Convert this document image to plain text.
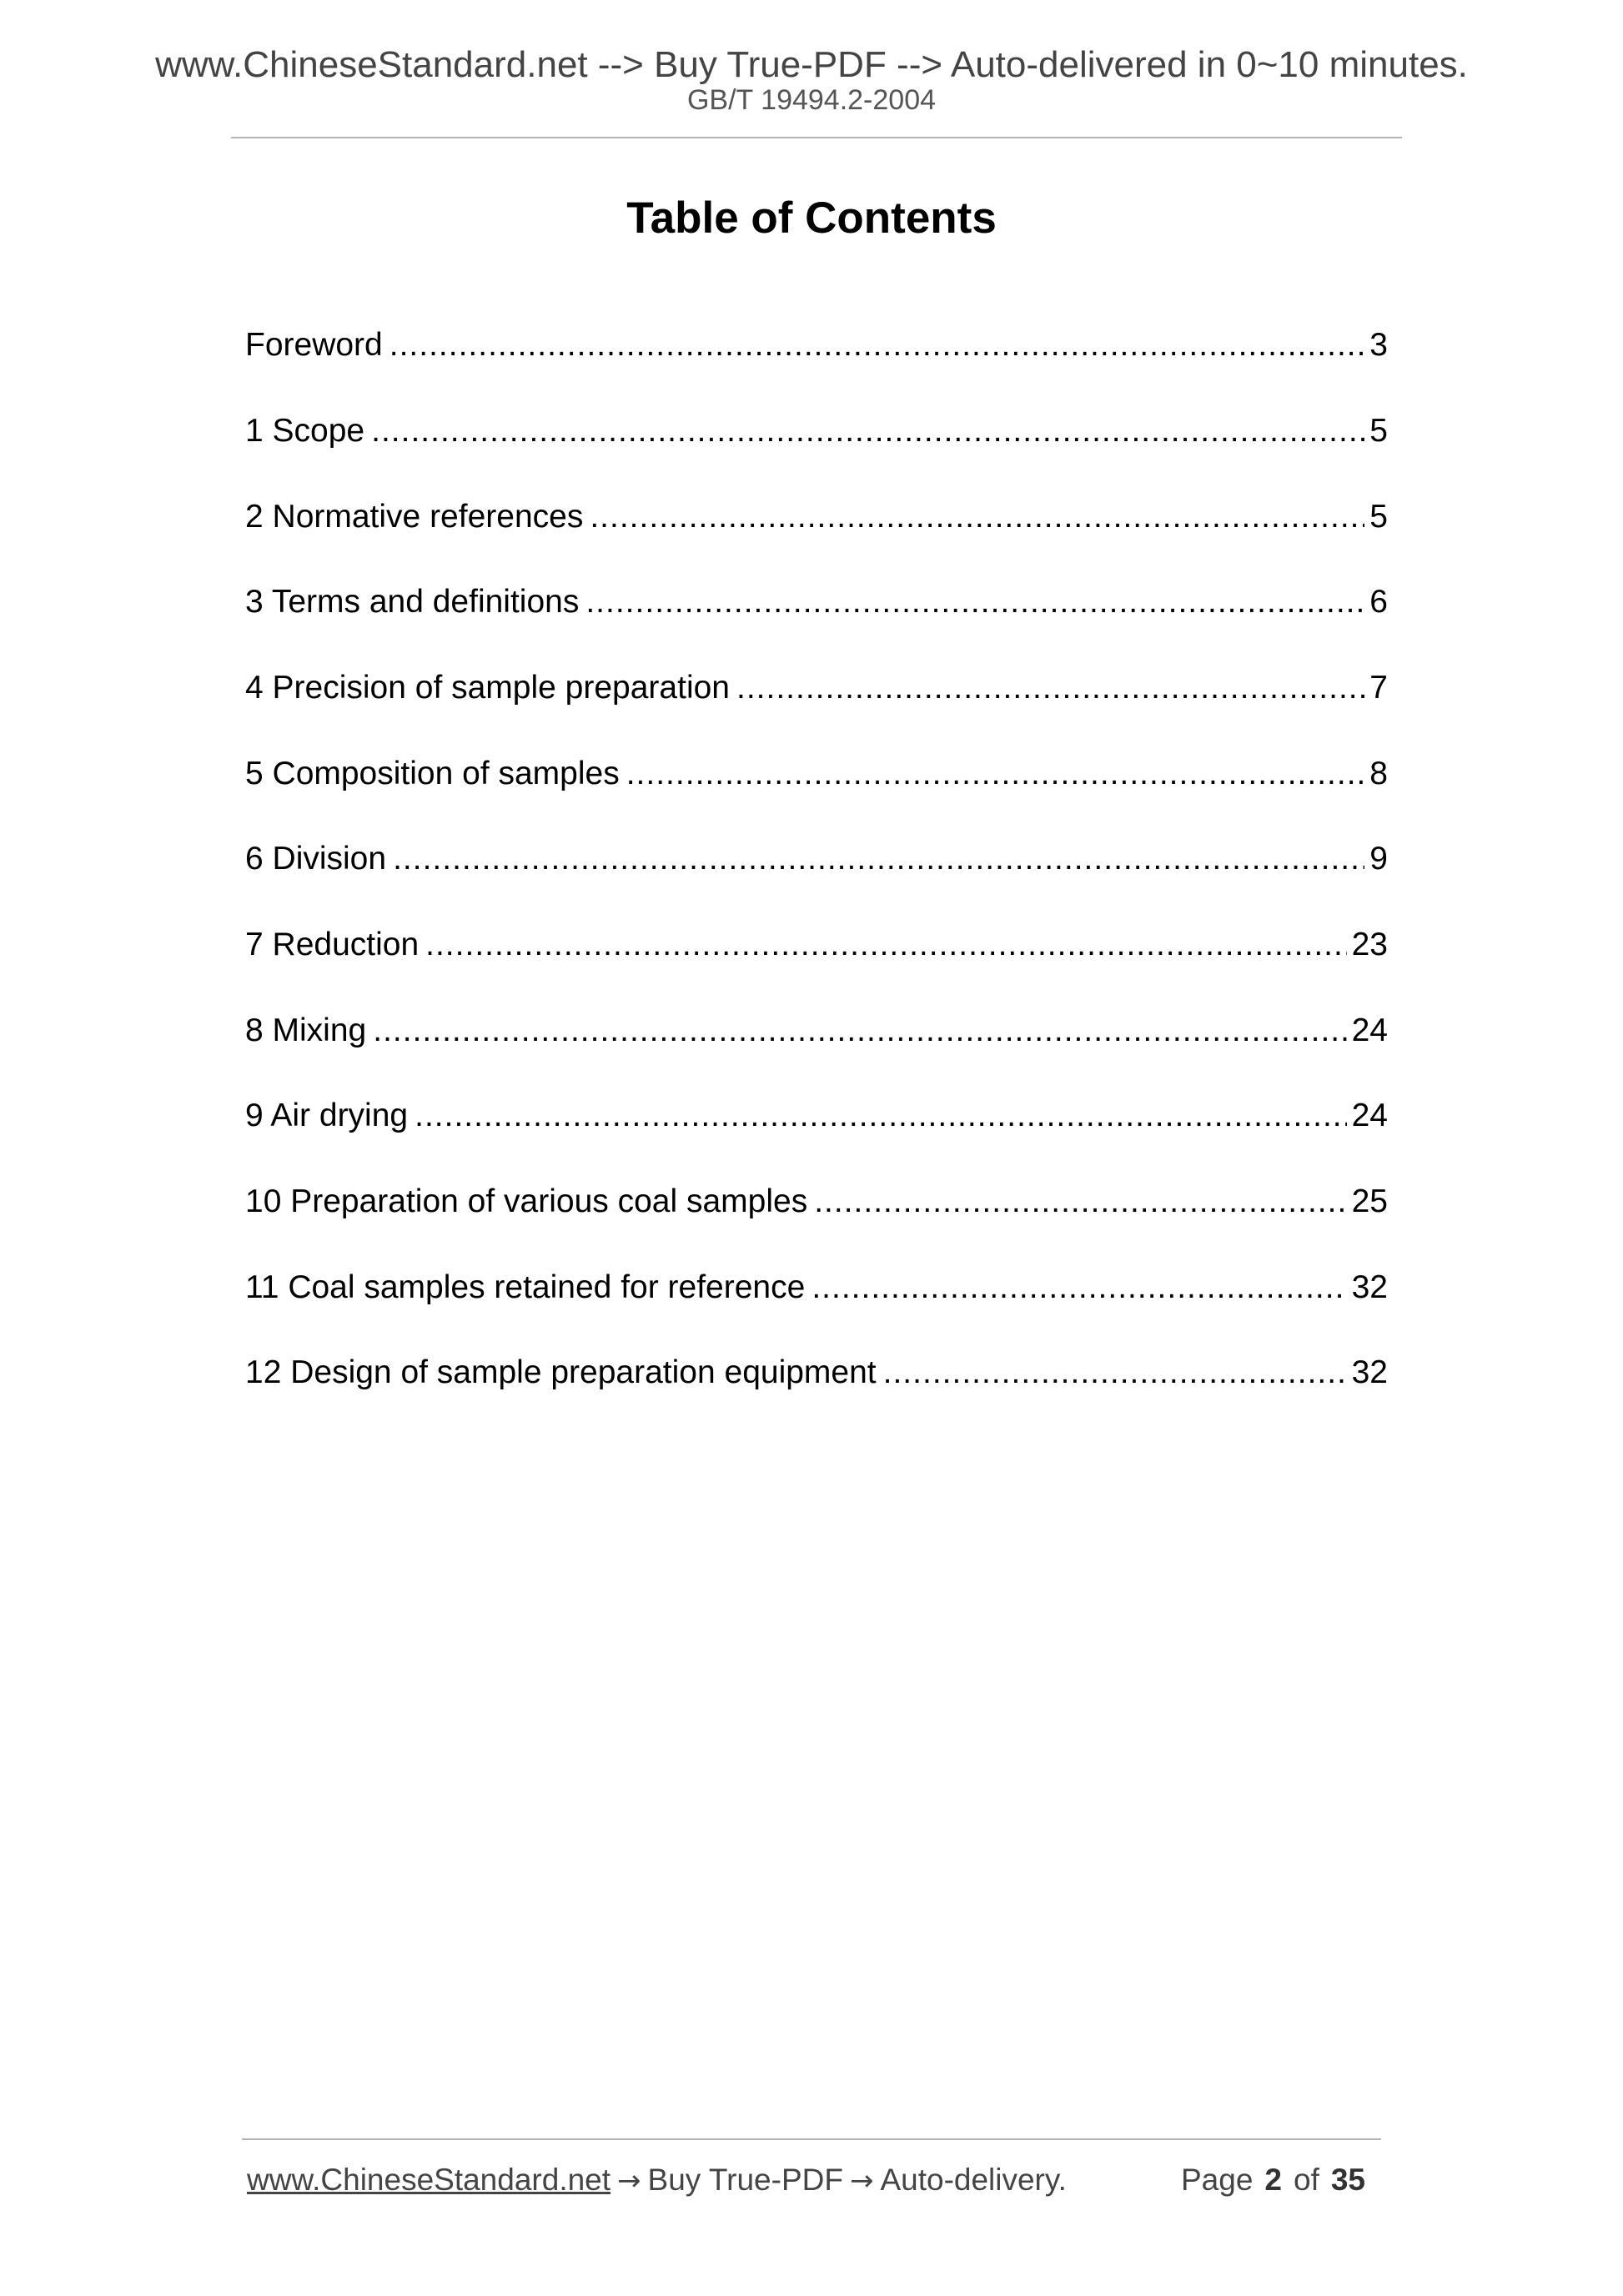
www.ChineseStandard.net --> Buy True-PDF --> Auto-delivered in 0~10 minutes.
GB/T 19494.2-2004
Table of Contents
Foreword .....	3
1 Scope .....	5
2 Normative references .....	5
3 Terms and definitions .....	6
4 Precision of sample preparation .....	7
5 Composition of samples .....	8
6 Division .....	9
7 Reduction .....	23
8 Mixing .....	24
9 Air drying .....	24
10 Preparation of various coal samples .....	25
11 Coal samples retained for reference .....	32
12 Design of sample preparation equipment .....	32
www.ChineseStandard.net → Buy True-PDF → Auto-delivery.	Page 2 of 35
